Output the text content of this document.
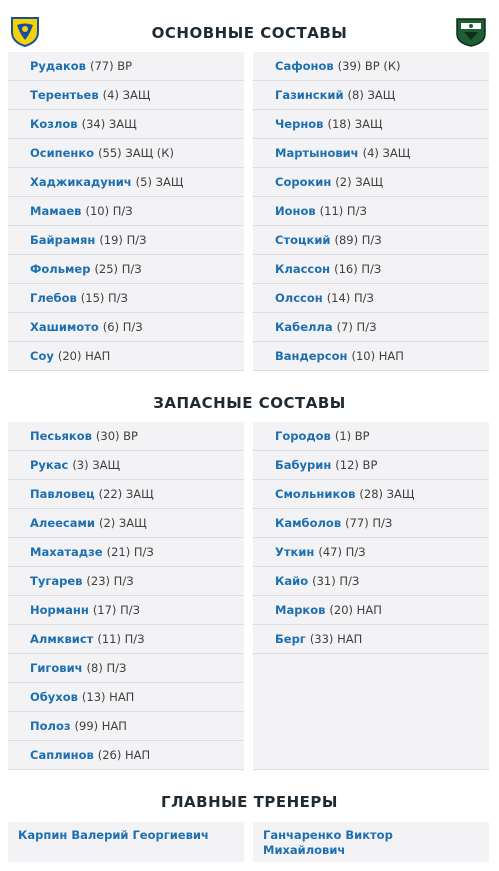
ОСНОВНЫЕ СОСТАВЫ
Рудаков (77) ВР
Терентьев (4) ЗАЩ
Козлов (34) ЗАЩ
Осипенко (55) ЗАЩ (К)
Хаджикадунич (5) ЗАЩ
Мамаев (10) П/З
Байрамян (19) П/З
Фольмер (25) П/З
Глебов (15) П/З
Хашимото (6) П/З
Соу (20) НАП
Сафонов (39) ВР (К)
Газинский (8) ЗАЩ
Чернов (18) ЗАЩ
Мартынович (4) ЗАЩ
Сорокин (2) ЗАЩ
Ионов (11) П/З
Стоцкий (89) П/З
Классон (16) П/З
Олссон (14) П/З
Кабелла (7) П/З
Вандерсон (10) НАП
ЗАПАСНЫЕ СОСТАВЫ
Песьяков (30) ВР
Рукас (3) ЗАЩ
Павловец (22) ЗАЩ
Алеесами (2) ЗАЩ
Махатадзе (21) П/З
Тугарев (23) П/З
Норманн (17) П/З
Алмквист (11) П/З
Гигович (8) П/З
Обухов (13) НАП
Полоз (99) НАП
Саплинов (26) НАП
Городов (1) ВР
Бабурин (12) ВР
Смольников (28) ЗАЩ
Камболов (77) П/З
Уткин (47) П/З
Кайо (31) П/З
Марков (20) НАП
Берг (33) НАП
ГЛАВНЫЕ ТРЕНЕРЫ
Карпин Валерий Георгиевич	Ганчаренко Виктор
Михайлович
